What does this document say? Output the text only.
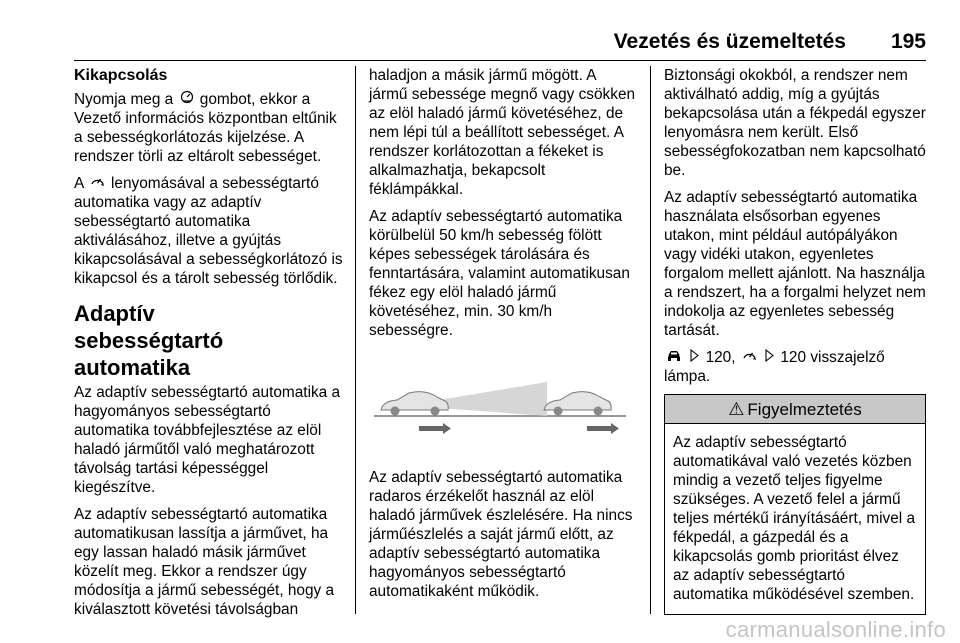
Vezetés és üzemeltetés 195
Kikapcsolás

Nyomja meg a gombot, ekkor a Vezető információs központban eltűnik a sebességkorlátozás kijelzése. A rendszer törli az eltárolt sebességet.

A lenyomásával a sebességtartó automatika vagy az adaptív sebességtartó automatika aktiválásához, illetve a gyújtás kikapcsolásával a sebességkorlátozó is kikapcsol és a tárolt sebesség törlődik.

Adaptív sebességtartó automatika

Az adaptív sebességtartó automatika a hagyományos sebességtartó automatika továbbfejlesztése az elöl haladó járműtől való meghatározott távolság tartási képességgel kiegészítve.

Az adaptív sebességtartó automatika automatikusan lassítja a járművet, ha egy lassan haladó másik járművet közelít meg. Ekkor a rendszer úgy módosítja a jármű sebességét, hogy a kiválasztott követési távolságban

haladjon a másik jármű mögött. A jármű sebessége megnő vagy csökken az elöl haladó jármű követéséhez, de nem lépi túl a beállított sebességet. A rendszer korlátozottan a fékeket is alkalmazhatja, bekapcsolt féklámpákkal.

Az adaptív sebességtartó automatika körülbelül 50 km/h sebesség fölött képes sebességek tárolására és fenntartására, valamint automatikusan fékez egy elöl haladó jármű követéséhez, min. 30 km/h sebességre.

Az adaptív sebességtartó automatika radaros érzékelőt használ az elöl haladó járművek észlelésére. Ha nincs járműészlelés a saját jármű előtt, az adaptív sebességtartó automatika hagyományos sebességtartó automatikaként működik.

Biztonsági okokból, a rendszer nem aktiválható addig, míg a gyújtás bekapcsolása után a fékpedál egyszer lenyomásra nem került. Első sebességfokozatban nem kapcsolható be.

Az adaptív sebességtartó automatika használata elsősorban egyenes utakon, mint például autópályákon vagy vidéki utakon, egyenletes forgalom mellett ajánlott. Na használja a rendszert, ha a forgalmi helyzet nem indokolja az egyenletes sebesség tartását.

120,	120 visszajelző lámpa.

⚠ Figyelmeztetés
Az adaptív sebességtartó automatikával való vezetés közben mindig a vezető teljes figyelme szükséges. A vezető felel a jármű teljes mértékű irányításáért, mivel a fékpedál, a gázpedál és a kikapcsolás gomb prioritást élvez az adaptív sebességtartó automatika működésével szemben.
carmanualsonline.info
